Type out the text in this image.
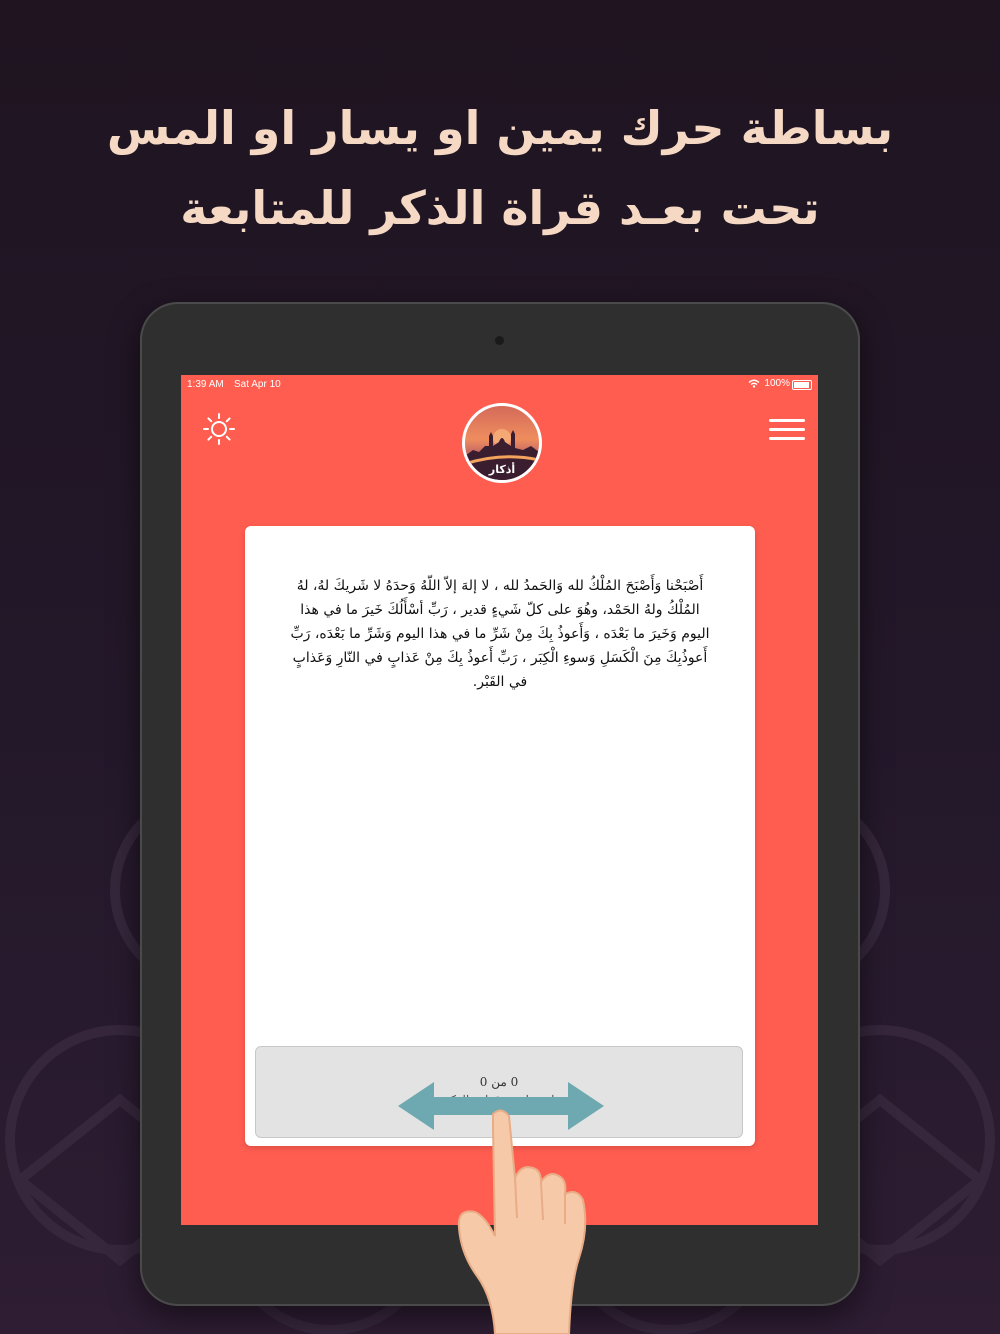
بساطة حرك يمين او يسار او المس
تحت بعـد قراة الذكر للمتابعة
1:39 AM Sat Apr 10	100%
أذكار
أَصْبَحْنا وَأَصْبَحَ المُلْكُ لله وَالحَمدُ لله ، لا إلهَ إلاّ اللّهُ وَحدَهُ لا شَريكَ لهُ، لهُ المُلْكُ ولهُ الحَمْد، وهُوَ على كلّ شَيءٍ قدير ، رَبِّ أسْأَلُكَ خَيرَ ما في هذا اليوم وَخَيرَ ما بَعْدَه ، وَأَعوذُ بِكَ مِنْ شَرِّ ما في هذا اليوم وَشَرِّ ما بَعْدَه، رَبِّ أَعوذُبِكَ مِنَ الْكَسَلِ وَسوءِ الْكِبَر ، رَبِّ أَعوذُ بِكَ مِنْ عَذابٍ في النّارِ وَعَذابٍ في القَبْر.
0 من 0
